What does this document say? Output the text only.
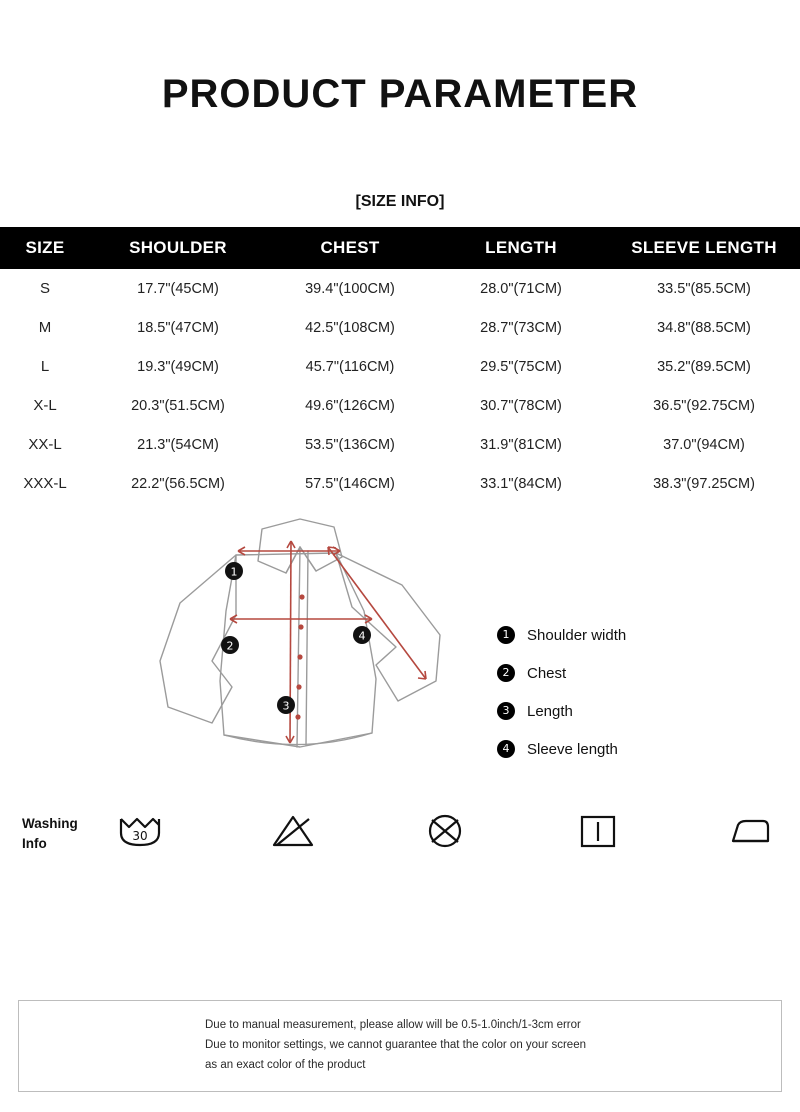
PRODUCT PARAMETER
[SIZE INFO]
SIZE	SHOULDER	CHEST	LENGTH	SLEEVE LENGTH
S	17.7"(45CM)	39.4"(100CM)	28.0"(71CM)	33.5"(85.5CM)
M	18.5"(47CM)	42.5"(108CM)	28.7"(73CM)	34.8"(88.5CM)
L	19.3"(49CM)	45.7"(116CM)	29.5"(75CM)	35.2"(89.5CM)
X-L	20.3"(51.5CM)	49.6"(126CM)	30.7"(78CM)	36.5"(92.75CM)
XX-L	21.3"(54CM)	53.5"(136CM)	31.9"(81CM)	37.0"(94CM)
XXX-L	22.2"(56.5CM)	57.5"(146CM)	33.1"(84CM)	38.3"(97.25CM)
1
2
3
4	1	Shoulder width
2	Chest
3	Length
4	Sleeve length
Washing
Info	30
Due to manual measurement, please allow will be 0.5-1.0inch/1-3cm error
Due to monitor settings, we cannot guarantee that the color on your screen
as an exact color of the product
